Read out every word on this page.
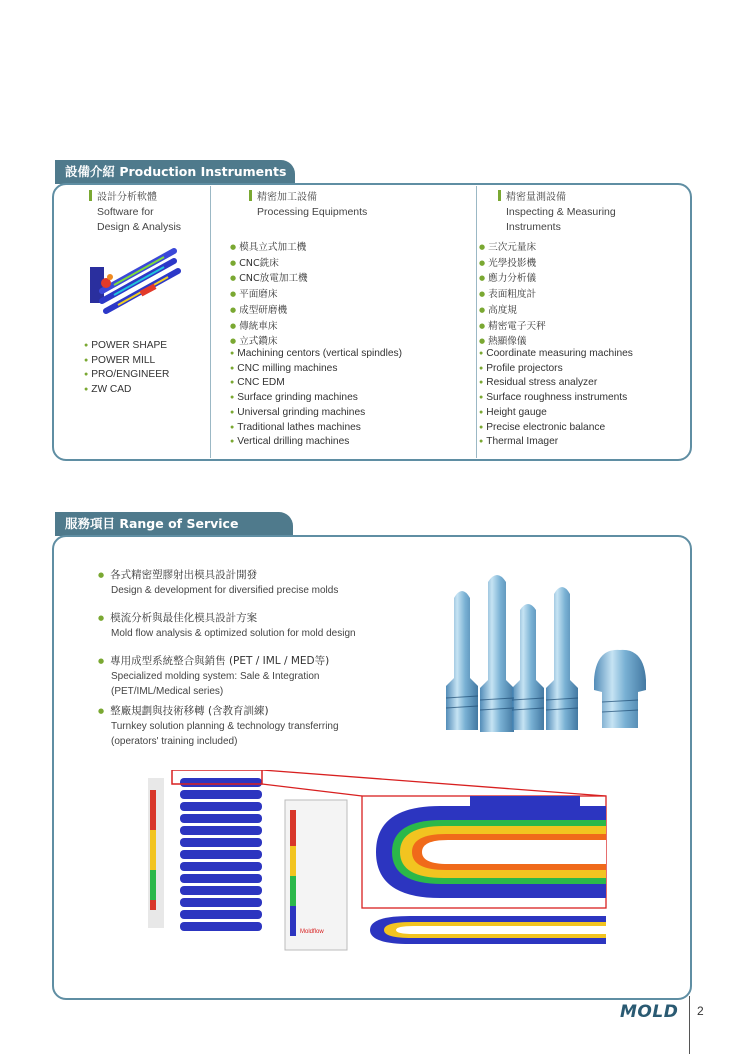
設備介紹 Production Instruments
設計分析軟體
Software for
Design & Analysis
精密加工設備
Processing Equipments
精密量測設備
Inspecting & Measuring
Instruments
● POWER SHAPE
● POWER MILL
● PRO/ENGINEER
● ZW CAD
● 模具立式加工機
● CNC銑床
● CNC放電加工機
● 平面磨床
● 成型研磨機
● 傳統車床
● 立式鑽床
● Machining centors (vertical spindles)
● CNC milling machines
● CNC EDM
● Surface grinding machines
● Universal grinding machines
● Traditional lathes machines
● Vertical drilling machines
● 三次元量床
● 光學投影機
● 應力分析儀
● 表面粗度計
● 高度規
● 精密電子天秤
● 熱顯像儀
● Coordinate measuring machines
● Profile projectors
● Residual stress analyzer
● Surface roughness instruments
● Height gauge
● Precise electronic balance
● Thermal Imager
服務項目 Range of Service
● 各式精密塑膠射出模具設計開發
Design & development for diversified precise molds
● 模流分析與最佳化模具設計方案
Mold flow analysis & optimized solution for mold design
● 專用成型系統整合與銷售 (PET / IML / MED等)
Specialized molding system: Sale & Integration
(PET/IML/Medical series)
● 整廠規劃與技術移轉 (含教育訓練)
Turnkey solution planning & technology transferring
(operators' training included)
Moldflow
MOLD 2
